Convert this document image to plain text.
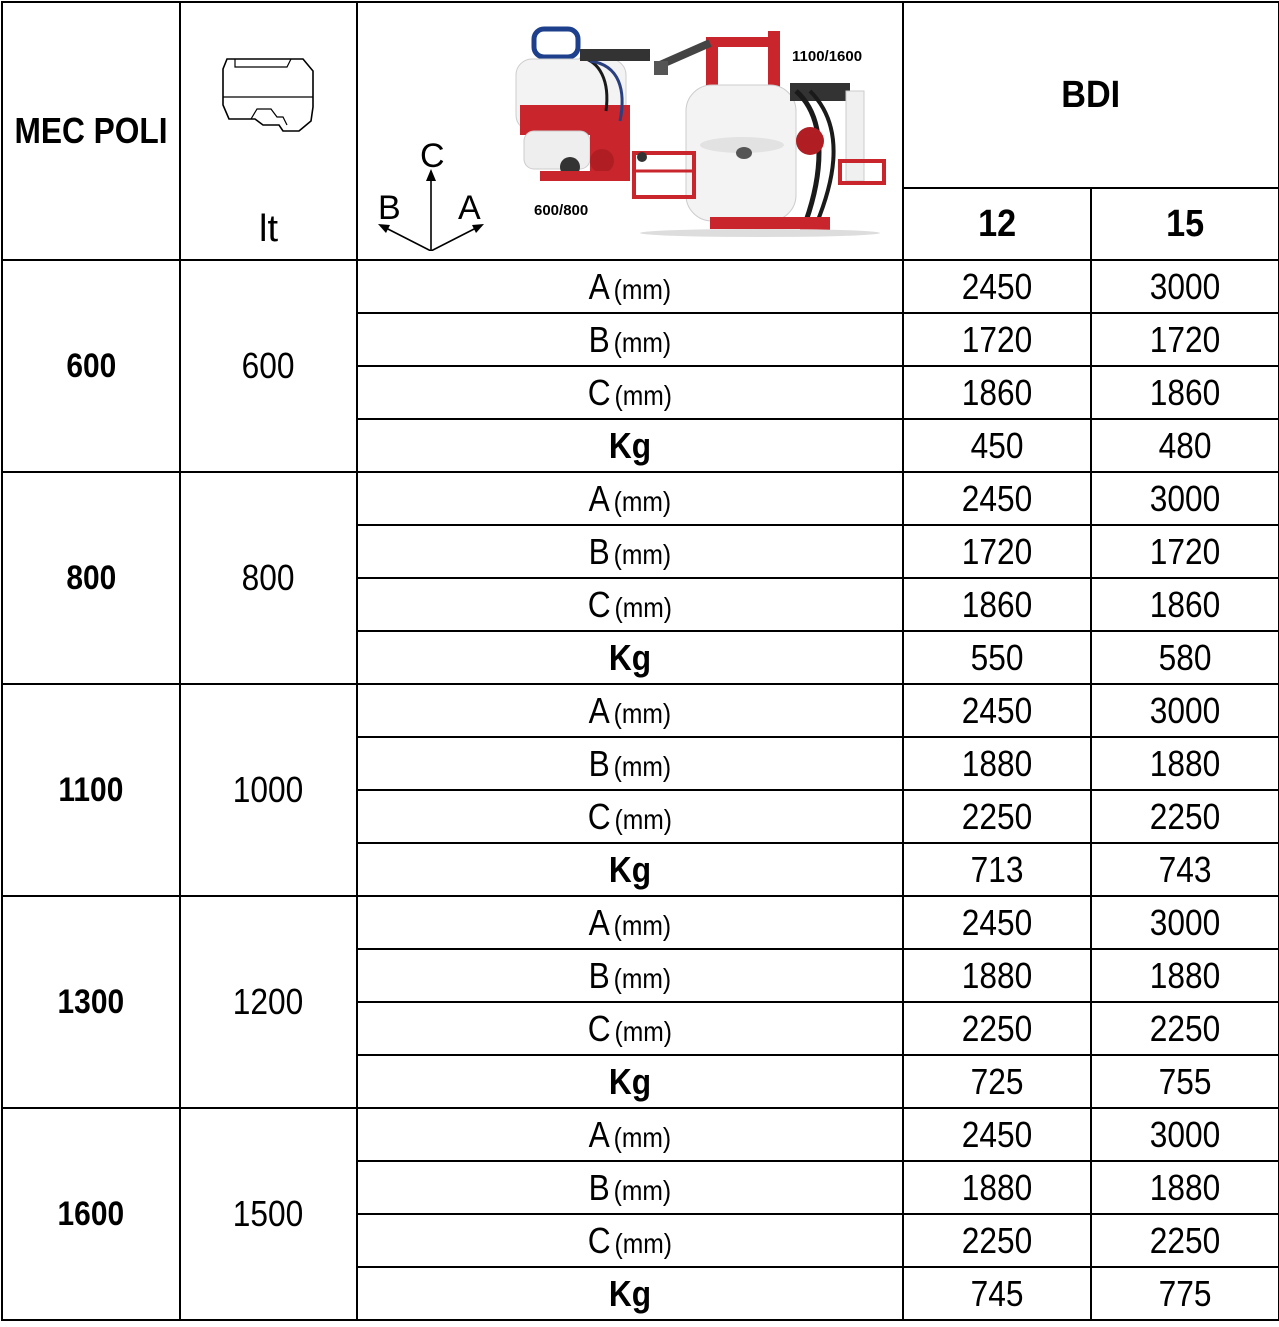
MEC POLI	lt	C
B A 600/800
1100/1600	BDI	
			12	15
600	600	A (mm)	2450	3000
		B (mm)	1720	1720
		C (mm)	1860	1860
		Kg	450	480
800	800	A (mm)	2450	3000
		B (mm)	1720	1720
		C (mm)	1860	1860
		Kg	550	580
1100	1000	A (mm)	2450	3000
		B (mm)	1880	1880
		C (mm)	2250	2250
		Kg	713	743
1300	1200	A (mm)	2450	3000
		B (mm)	1880	1880
		C (mm)	2250	2250
		Kg	725	755
1600	1500	A (mm)	2450	3000
		B (mm)	1880	1880
		C (mm)	2250	2250
		Kg	745	775
